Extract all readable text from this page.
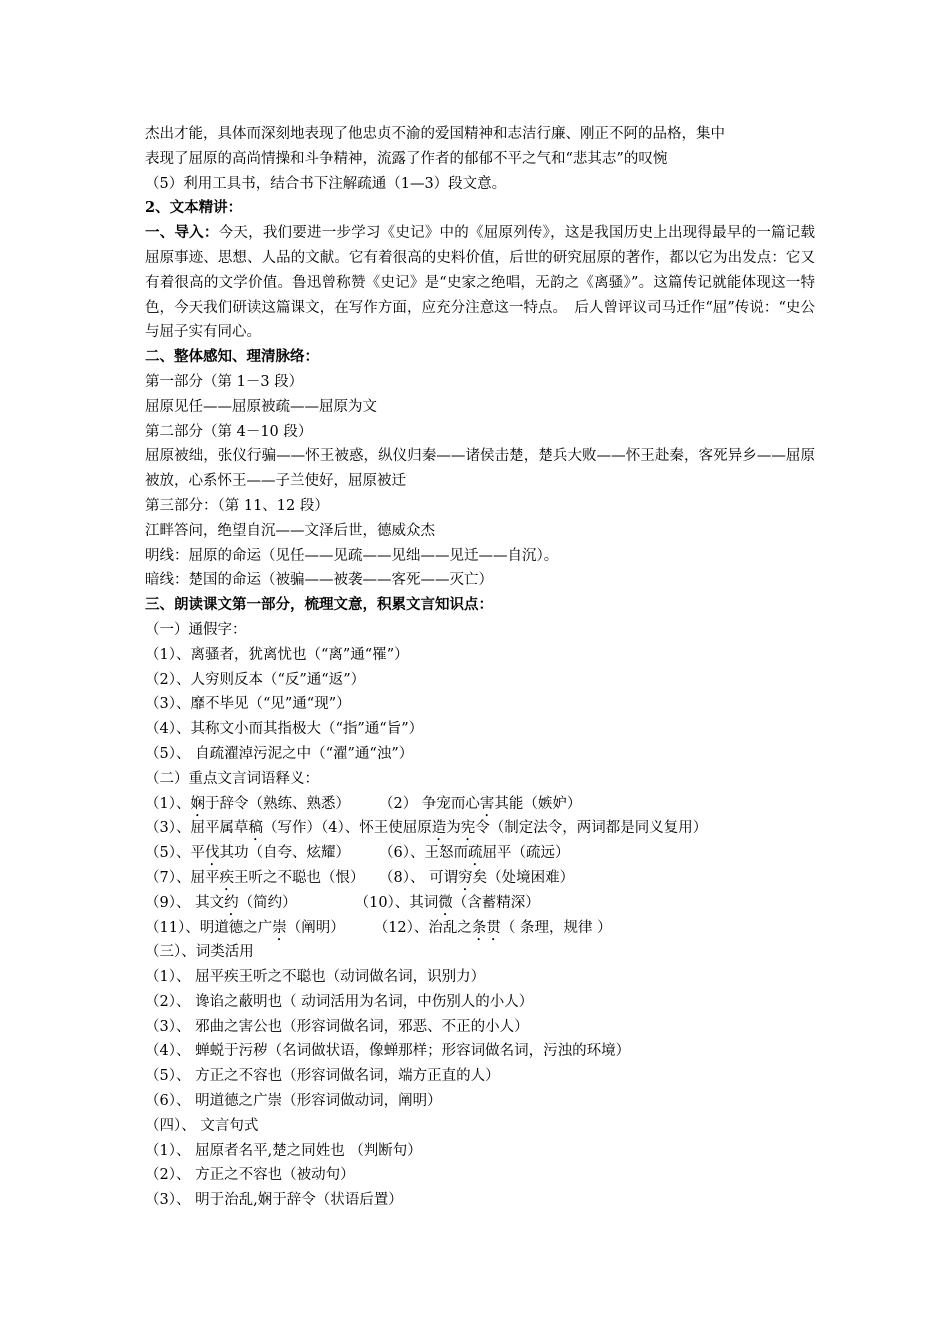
杰出才能，具体而深刻地表现了他忠贞不渝的爱国精神和志洁行廉、刚正不阿的品格，集中
表现了屈原的高尚情操和斗争精神，流露了作者的郁郁不平之气和“悲其志”的叹惋
（5）利用工具书，结合书下注解疏通（1—3）段文意。
2、文本精讲：
一、导入：今天，我们要进一步学习《史记》中的《屈原列传》，这是我国历史上出现得最早的一篇记载屈原事迹、思想、人品的文献。它有着很高的史料价值，后世的研究屈原的著作，都以它为出发点：它又有着很高的文学价值。鲁迅曾称赞《史记》是“史家之绝唱，无韵之《离骚》”。这篇传记就能体现这一特色，今天我们研读这篇课文，在写作方面，应充分注意这一特点。　后人曾评议司马迁作“屈”传说：“史公与屈子实有同心。
二、整体感知、理清脉络：
第一部分（第 1－3 段）
屈原见任——屈原被疏——屈原为文
第二部分（第 4－10 段）
屈原被绌，张仪行骗——怀王被惑，纵仪归秦——诸侯击楚，楚兵大败——怀王赴秦，客死异乡——屈原被放，心系怀王——子兰使好，屈原被迁
第三部分：（第 11、12 段）
江畔答问，绝望自沉——文泽后世，德威众杰
明线：屈原的命运（见任——见疏——见绌——见迁——自沉）。
暗线：楚国的命运（被骗——被袭——客死——灭亡）
三、朗读课文第一部分，梳理文意，积累文言知识点：
（一）通假字：
（1）、离骚者，犹离忧也（“离”通“罹”）
（2）、人穷则反本（“反”通“返”）
（3）、靡不毕见（“见”通“现”）
（4）、其称文小而其指极大（“指”通“旨”）
（5）、 自疏濯淖污泥之中（“濯”通“浊”）
（二）重点文言词语释义：
（1）、娴于辞令（熟练、熟悉）　　　（2） 争宠而心害其能（嫉妒）
（3）、屈平属草稿（写作）（4）、怀王使屈原造为宪令（制定法令，两词都是同义复用）
（5）、平伐其功（自夸、炫耀）　　　（6）、王怒而疏屈平（疏远）
（7）、屈平疾王听之不聪也（恨）　　（8）、 可谓穷矣（处境困难）
（9）、 其文约（简约）　　　　　（10）、其词微（含蓄精深）
（11）、明道德之广崇（阐明）　　　（12）、治乱之条贯（ 条理，规律 ）
（三）、词类活用
（1）、 屈平疾王听之不聪也（动词做名词，识别力）
（2）、 谗谄之蔽明也（ 动词活用为名词，中伤别人的小人）
（3）、 邪曲之害公也（形容词做名词，邪恶、不正的小人）
（4）、 蝉蜕于污秽（名词做状语，像蝉那样；形容词做名词，污浊的环境）
（5）、 方正之不容也（形容词做名词，端方正直的人）
（6）、 明道德之广崇（形容词做动词，阐明）
（四）、 文言句式
（1）、 屈原者名平,楚之同姓也 （判断句）
（2）、 方正之不容也（被动句）
（3）、 明于治乱,娴于辞令（状语后置）
